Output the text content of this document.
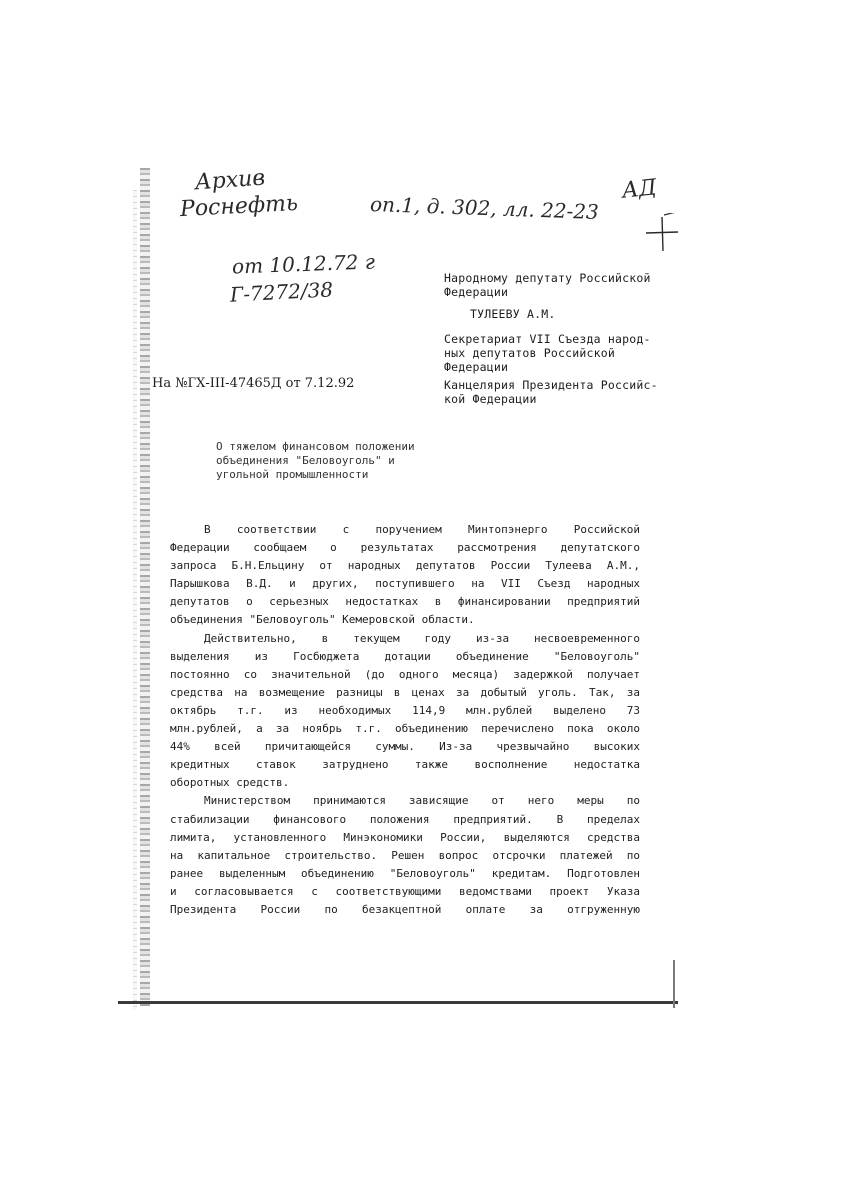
Архив
Роснефть	оп.1, д. 302, лл. 22-23
от 10.12.72 г
Г-7272/38
АД
Народному депутату Российской
Федерации
ТУЛЕЕВУ А.М.
Секретариат VII Съезда народ-
ных депутатов Российской
Федерации
Канцелярия Президента Российс-
кой Федерации
На №ГХ-III-47465Д от 7.12.92
О тяжелом финансовом положении
объединения "Беловоуголь" и
угольной промышленности
В соответствии с поручением Минтопэнерго Российской
Федерации сообщаем о результатах рассмотрения депутатского
запроса Б.Н.Ельцину от народных депутатов России Тулеева А.М.,
Парышкова В.Д. и других, поступившего на VII Съезд народных
депутатов о серьезных недостатках в финансировании предприятий
объединения "Беловоуголь" Кемеровской области.
Действительно, в текущем году из-за несвоевременного
выделения из Госбюджета дотации объединение "Беловоуголь"
постоянно со значительной (до одного месяца) задержкой получает
средства на возмещение разницы в ценах за добытый уголь. Так, за
октябрь т.г. из необходимых 114,9 млн.рублей выделено 73
млн.рублей, а за ноябрь т.г. объединению перечислено пока около
44% всей причитающейся суммы. Из-за чрезвычайно высоких
кредитных ставок затруднено также восполнение недостатка
оборотных средств.
Министерством принимаются зависящие от него меры по
стабилизации финансового положения предприятий. В пределах
лимита, установленного Минэкономики России, выделяются средства
на капитальное строительство. Решен вопрос отсрочки платежей по
ранее выделенным объединению "Беловоуголь" кредитам. Подготовлен
и согласовывается с соответствующими ведомствами проект Указа
Президента России по безакцептной оплате за отгруженную
